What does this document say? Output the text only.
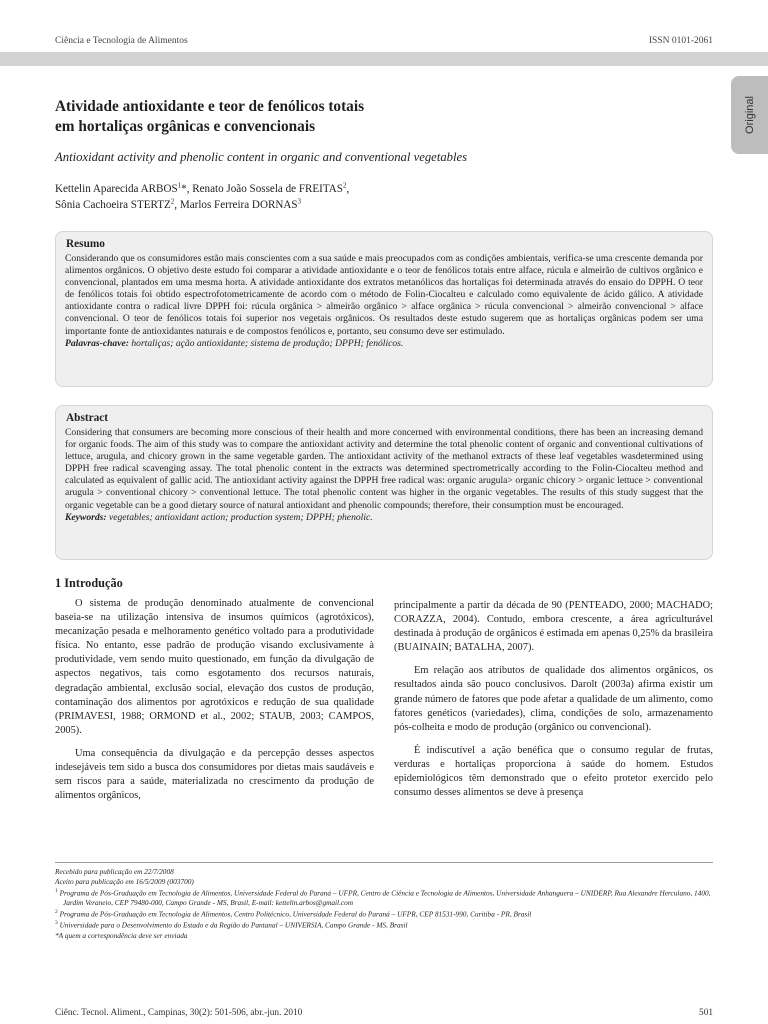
Ciência e Tecnologia de Alimentos	ISSN 0101-2061
Original
Atividade antioxidante e teor de fenólicos totais
em hortaliças orgânicas e convencionais
Antioxidant activity and phenolic content in organic and conventional vegetables
Kettelin Aparecida ARBOS$^1$*, Renato João Sossela de FREITAS$^2$,
Sônia Cachoeira STERTZ$^2$, Marlos Ferreira DORNAS$^3$
Resumo
Considerando que os consumidores estão mais conscientes com a sua saúde e mais preocupados com as condições ambientais, verifica-se uma crescente demanda por alimentos orgânicos. O objetivo deste estudo foi comparar a atividade antioxidante e o teor de fenólicos totais entre alface, rúcula e almeirão de cultivos orgânico e convencional, plantados em uma mesma horta. A atividade antioxidante dos extratos metanólicos das hortaliças foi determinada através do ensaio do DPPH. O teor de fenólicos totais foi obtido espectrofotometricamente de acordo com o método de Folin-Ciocalteu e calculado como equivalente de ácido gálico. A atividade antioxidante contra o radical livre DPPH foi: rúcula orgânica > almeirão orgânico > alface orgânica > rúcula convencional > almeirão convencional > alface convencional. O teor de fenólicos totais foi superior nos vegetais orgânicos. Os resultados deste estudo sugerem que as hortaliças orgânicas podem ser uma importante fonte de antioxidantes naturais e de compostos fenólicos e, portanto, seu consumo deve ser estimulado.
Palavras-chave: hortaliças; ação antioxidante; sistema de produção; DPPH; fenólicos.
Abstract
Considering that consumers are becoming more conscious of their health and more concerned with environmental conditions, there has been an increasing demand for organic foods. The aim of this study was to compare the antioxidant activity and determine the total phenolic content of organic and conventional cultivations of lettuce, arugula, and chicory grown in the same vegetable garden. The antioxidant activity of the methanol extracts of these leaf vegetables wasdetermined using DPPH free radical scavenging assay. The total phenolic content in the extracts was determined spectrometrically according to the Folin-Ciocalteu method and calculated as equivalent of gallic acid. The antioxidant activity against the DPPH free radical was: organic arugula> organic chicory > organic lettuce > conventional arugula > conventional chicory > conventional lettuce. The total phenolic content was higher in the organic vegetables. The results of this study suggest that the organic vegetable can be a good dietary source of natural antioxidant and phenolic compounds; therefore, their consumption must be encouraged.
Keywords: vegetables; antioxidant action; production system; DPPH; phenolic.
1 Introdução

O sistema de produção denominado atualmente de convencional baseia-se na utilização intensiva de insumos químicos (agrotóxicos), mecanização pesada e melhoramento genético voltado para a produtividade física. No entanto, esse padrão de produção visando exclusivamente à produtividade, vem sendo muito questionado, em função da divulgação de aspectos negativos, tais como esgotamento dos recursos naturais, degradação ambiental, exclusão social, elevação dos custos de produção, contaminação dos alimentos por agrotóxicos e redução de sua qualidade (PRIMAVESI, 1988; ORMOND et al., 2002; STAUB, 2003; CAMPOS, 2005).

Uma consequência da divulgação e da percepção desses aspectos indesejáveis tem sido a busca dos consumidores por dietas mais saudáveis e sem riscos para a saúde, materializada no crescimento da produção de alimentos orgânicos,

principalmente a partir da década de 90 (PENTEADO, 2000; MACHADO; CORAZZA, 2004). Contudo, embora crescente, a área agriculturável destinada à produção de orgânicos é estimada em apenas 0,25% da brasileira (BUAINAIN; BATALHA, 2007).

Em relação aos atributos de qualidade dos alimentos orgânicos, os resultados ainda são pouco conclusivos. Darolt (2003a) afirma existir um grande número de fatores que pode afetar a qualidade de um alimento, como fatores genéticos (variedades), clima, condições de solo, armazenamento pós-colheita e modo de produção (orgânico ou convencional).

É indiscutível a ação benéfica que o consumo regular de frutas, verduras e hortaliças proporciona à saúde do homem. Estudos epidemiológicos têm demonstrado que o efeito protetor exercido pelo consumo desses alimentos se deve à presença

Recebido para publicação em 22/7/2008
Aceito para publicação em 16/5/2009 (003700)
$^1$ Programa de Pós-Graduação em Tecnologia de Alimentos, Universidade Federal do Paraná – UFPR, Centro de Ciência e Tecnologia de Alimentos, Universidade Anhanguera – UNIDERP, Rua Alexandre Herculano, 1400, Jardim Veraneio, CEP 79480-000, Campo Grande - MS, Brasil, E-mail: kettelin.arbos@gmail.com
$^2$ Programa de Pós-Graduação em Tecnologia de Alimentos, Centro Politécnico, Universidade Federal do Paraná – UFPR, CEP 81531-990, Curitiba - PR, Brasil
$^3$ Universidade para o Desenvolvimento do Estado e da Região do Pantanal – UNIVERSIA, Campo Grande - MS, Brasil
*A quem a correspondência deve ser enviada
Ciênc. Tecnol. Aliment., Campinas, 30(2): 501-506, abr.-jun. 2010	501
